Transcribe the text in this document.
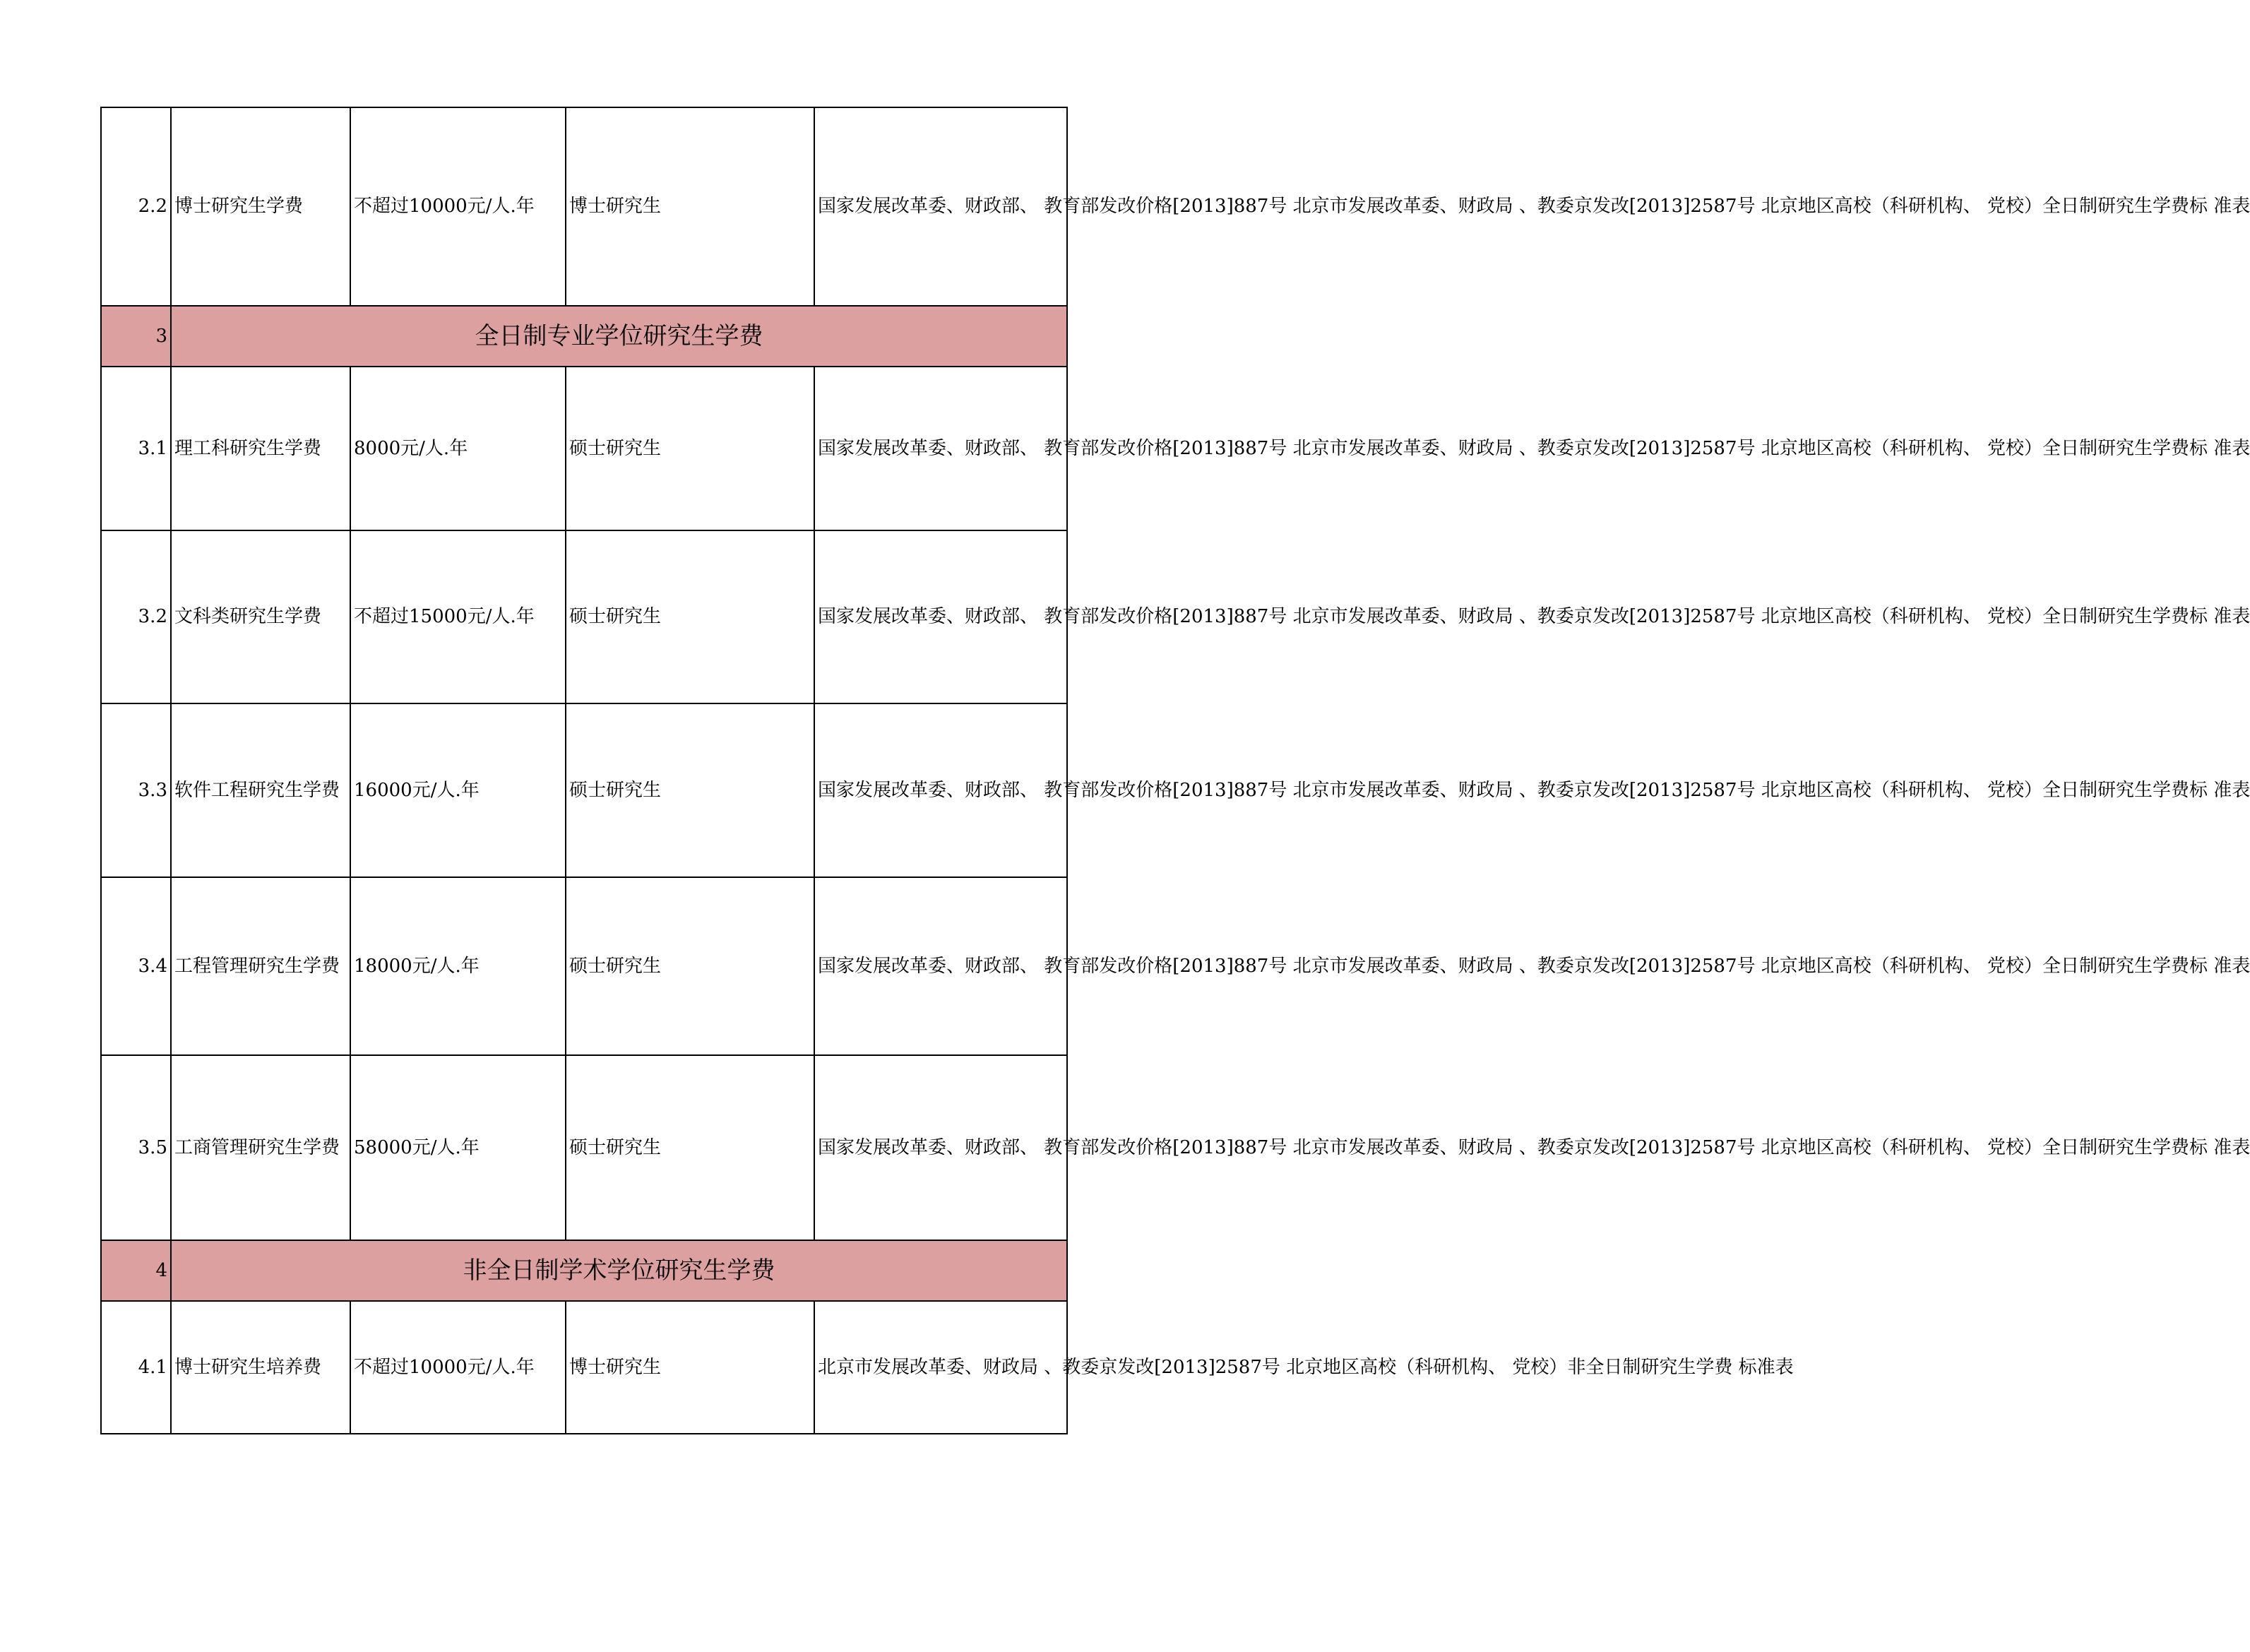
2.2	博士研究生学费	不超过10000元/人.年	博士研究生	国家发展改革委、财政部、 教育部发改价格[2013]887号 北京市发展改革委、财政局 、教委京发改[2013]2587号 北京地区高校（科研机构、 党校）全日制研究生学费标 准表
3	全日制专业学位研究生学费			
3.1	理工科研究生学费	8000元/人.年	硕士研究生	国家发展改革委、财政部、 教育部发改价格[2013]887号 北京市发展改革委、财政局 、教委京发改[2013]2587号 北京地区高校（科研机构、 党校）全日制研究生学费标 准表
3.2	文科类研究生学费	不超过15000元/人.年	硕士研究生	国家发展改革委、财政部、 教育部发改价格[2013]887号 北京市发展改革委、财政局 、教委京发改[2013]2587号 北京地区高校（科研机构、 党校）全日制研究生学费标 准表
3.3	软件工程研究生学费	16000元/人.年	硕士研究生	国家发展改革委、财政部、 教育部发改价格[2013]887号 北京市发展改革委、财政局 、教委京发改[2013]2587号 北京地区高校（科研机构、 党校）全日制研究生学费标 准表
3.4	工程管理研究生学费	18000元/人.年	硕士研究生	国家发展改革委、财政部、 教育部发改价格[2013]887号 北京市发展改革委、财政局 、教委京发改[2013]2587号 北京地区高校（科研机构、 党校）全日制研究生学费标 准表
3.5	工商管理研究生学费	58000元/人.年	硕士研究生	国家发展改革委、财政部、 教育部发改价格[2013]887号 北京市发展改革委、财政局 、教委京发改[2013]2587号 北京地区高校（科研机构、 党校）全日制研究生学费标 准表
4	非全日制学术学位研究生学费			
4.1	博士研究生培养费	不超过10000元/人.年	博士研究生	北京市发展改革委、财政局 、教委京发改[2013]2587号 北京地区高校（科研机构、 党校）非全日制研究生学费 标准表
